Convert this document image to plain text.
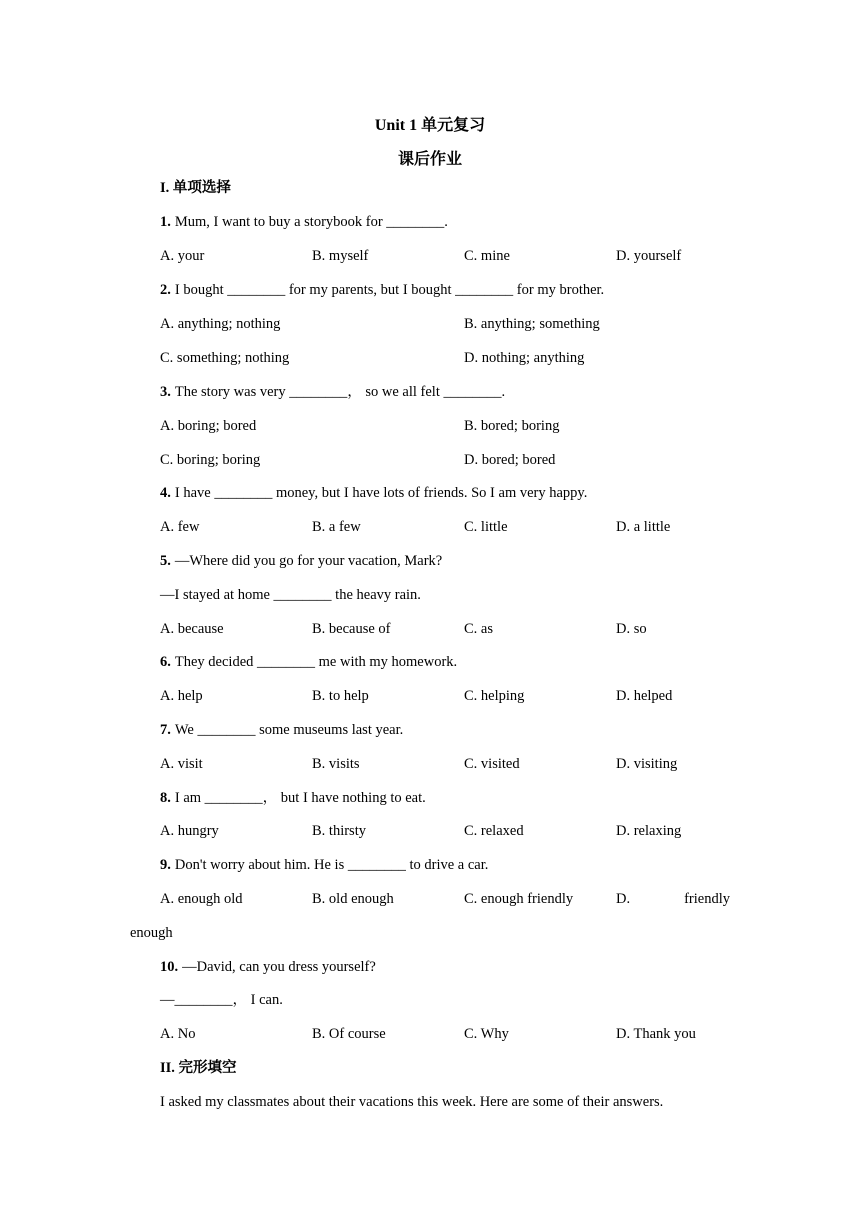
Unit 1 单元复习
课后作业
I. 单项选择
1. Mum, I want to buy a storybook for ________.
A. your	B. myself	C. mine	D. yourself
2. I bought ________ for my parents, but I bought ________ for my brother.
A. anything; nothing	B. anything; something
C. something; nothing	D. nothing; anything
3. The story was very ________， so we all felt ________.
A. boring; bored	B. bored; boring
C. boring; boring	D. bored; bored
4. I have ________ money, but I have lots of friends. So I am very happy.
A. few	B. a few	C. little	D. a little
5. —Where did you go for your vacation, Mark?
—I stayed at home ________ the heavy rain.
A. because	B. because of	C. as	D. so
6. They decided ________ me with my homework.
A. help	B. to help	C. helping	D. helped
7. We ________ some museums last year.
A. visit	B. visits	C. visited	D. visiting
8. I am ________， but I have nothing to eat.
A. hungry	B. thirsty	C. relaxed	D. relaxing
9. Don't worry about him. He is ________ to drive a car.
A. enough old	B. old enough	C. enough friendly	D.	friendly
enough
10. —David, can you dress yourself?
—________， I can.
A. No	B. Of course	C. Why	D. Thank you
II. 完形填空
I asked my classmates about their vacations this week. Here are some of their answers.
